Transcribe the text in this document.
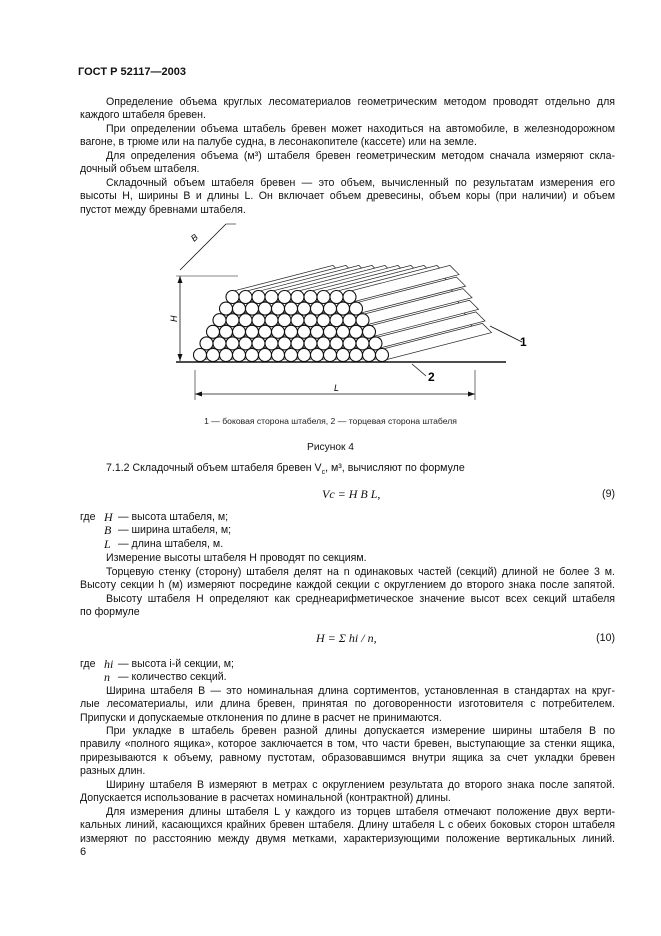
ГОСТ Р 52117—2003
Определение объема круглых лесоматериалов геометрическим методом проводят отдельно для
каждого штабеля бревен.
При определении объема штабель бревен может находиться на автомобиле, в железнодорожном
вагоне, в трюме или на палубе судна, в лесонакопителе (кассете) или на земле.
Для определения объема (м³) штабеля бревен геометрическим методом сначала измеряют скла-
дочный объем штабеля.
Складочный объем штабеля бревен — это объем, вычисленный по результатам измерения его
высоты H, ширины B и длины L. Он включает объем древесины, объем коры (при наличии) и объем
пустот между бревнами штабеля.
H
B
L
1
2
1 — боковая сторона штабеля, 2 — торцевая сторона штабеля
Рисунок 4
7.1.2 Складочный объем штабеля бревен $V_с$, м³, вычисляют по формуле
Vс = H B L,	(9)
где H — высота штабеля, м;
B — ширина штабеля, м;
L — длина штабеля, м.
Измерение высоты штабеля H проводят по секциям.
Торцевую стенку (сторону) штабеля делят на n одинаковых частей (секций) длиной не более 3 м.
Высоту секции h (м) измеряют посредине каждой секции с округлением до второго знака после запятой.
Высоту штабеля H определяют как среднеарифметическое значение высот всех секций штабеля
по формуле
H = Σ hi / n,	(10)
где hi — высота i-й секции, м;
n — количество секций.
Ширина штабеля B — это номинальная длина сортиментов, установленная в стандартах на круг-
лые лесоматериалы, или длина бревен, принятая по договоренности изготовителя с потребителем.
Припуски и допускаемые отклонения по длине в расчет не принимаются.
При укладке в штабель бревен разной длины допускается измерение ширины штабеля B по
правилу «полного ящика», которое заключается в том, что части бревен, выступающие за стенки ящика,
прирезываются к объему, равному пустотам, образовавшимся внутри ящика за счет укладки бревен
разных длин.
Ширину штабеля B измеряют в метрах с округлением результата до второго знака после запятой.
Допускается использование в расчетах номинальной (контрактной) длины.
Для измерения длины штабеля L у каждого из торцев штабеля отмечают положение двух верти-
кальных линий, касающихся крайних бревен штабеля. Длину штабеля L с обеих боковых сторон штабеля
измеряют по расстоянию между двумя метками, характеризующими положение вертикальных линий.
6
